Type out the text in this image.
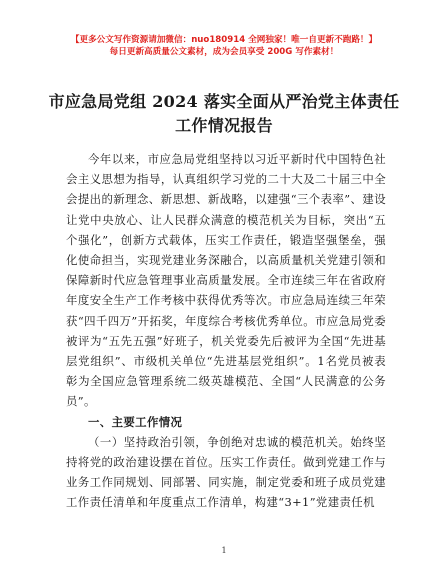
【更多公文写作资源请加微信：nuo180914 全网独家！唯一自更新不跑路！】
每日更新高质量公文素材，成为会员享受 200G 写作素材！
市应急局党组 2024 落实全面从严治党主体责任
工作情况报告

今年以来，市应急局党组坚持以习近平新时代中国特色社会主义思想为指导，认真组织学习党的二十大及二十届三中全会提出的新理念、新思想、新战略，以建强“三个表率”、建设让党中央放心、让人民群众满意的模范机关为目标，突出“五个强化”，创新方式载体，压实工作责任，锻造坚强堡垒，强化使命担当，实现党建业务深融合，以高质量机关党建引领和保障新时代应急管理事业高质量发展。全市连续三年在省政府年度安全生产工作考核中获得优秀等次。市应急局连续三年荣获“四千四万”开拓奖，年度综合考核优秀单位。市应急局党委被评为“五先五强”好班子，机关党委先后被评为全国“先进基层党组织”、市级机关单位“先进基层党组织”。1名党员被表彰为全国应急管理系统二级英雄模范、全国“人民满意的公务员”。

一、主要工作情况

（一）坚持政治引领，争创绝对忠诚的模范机关。始终坚持将党的政治建设摆在首位。压实工作责任。做到党建工作与业务工作同规划、同部署、同实施，制定党委和班子成员党建工作责任清单和年度重点工作清单，构建“3+1”党建责任机

1
